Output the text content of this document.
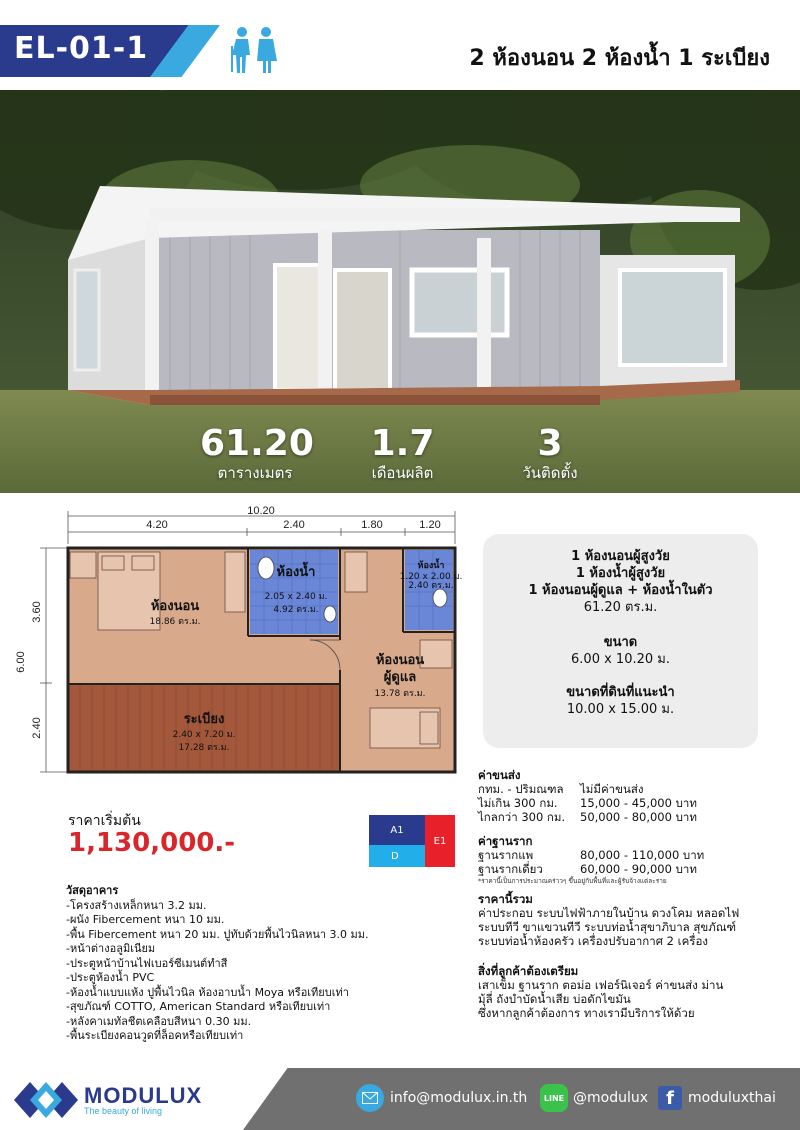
EL-01-1	2 ห้องนอน 2 ห้องน้ำ 1 ระเบียง
61.20
ตารางเมตร
1.7
เดือนผลิต
3
วันติดตั้ง
10.20
4.20	2.40	1.80	1.20
6.00
3.60
2.40
ห้องนอน
18.86 ตร.ม.
ห้องน้ำ
2.05 x 2.40 ม.
4.92 ตร.ม.
ห้องน้ำ
1.20 x 2.00 ม.
2.40 ตร.ม.
ห้องนอน
ผู้ดูแล
13.78 ตร.ม.
ระเบียง
2.40 x 7.20 ม.
17.28 ตร.ม.
1 ห้องนอนผู้สูงวัย
1 ห้องน้ำผู้สูงวัย
1 ห้องนอนผู้ดูแล + ห้องน้ำในตัว
61.20 ตร.ม.
ขนาด
6.00 x 10.20 ม.
ขนาดที่ดินที่แนะนำ
10.00 x 15.00 ม.
ราคาเริ่มต้น
1,130,000.-	A1
D
E1
วัสดุอาคาร
-โครงสร้างเหล็กหนา 3.2 มม.
-ผนัง Fibercement หนา 10 มม.
-พื้น Fibercement หนา 20 มม. ปูทับด้วยพื้นไวนิลหนา 3.0 มม.
-หน้าต่างอลูมิเนียม
-ประตูหน้าบ้านไฟเบอร์ซีเมนต์ทำสี
-ประตูห้องน้ำ PVC
-ห้องน้ำแบบแห้ง ปูพื้นไวนิล ห้องอาบน้ำ Moya หรือเทียบเท่า
-สุขภัณฑ์ COTTO, American Standard หรือเทียบเท่า
-หลังคาเมทัลชีตเคลือบสีหนา 0.30 มม.
-พื้นระเบียงคอนวูดที่ล็อคหรือเทียบเท่า
ค่าขนส่ง
กทม. - ปริมณฑล	ไม่มีค่าขนส่ง
ไม่เกิน 300 กม.	15,000 - 45,000 บาท
ไกลกว่า 300 กม.	50,000 - 80,000 บาท
ค่าฐานราก
ฐานรากแพ	80,000 - 110,000 บาท
ฐานรากเดี่ยว	60,000 - 90,000 บาท
*ราคานี้เป็นการประมาณคร่าวๆ ขึ้นอยู่กับพื้นที่และผู้รับจ้างแต่ละราย
ราคานี้รวม
ค่าประกอบ ระบบไฟฟ้าภายในบ้าน ดวงโคม หลอดไฟ
ระบบทีวี ขาแขวนทีวี ระบบท่อน้ำสุขาภิบาล สุขภัณฑ์
ระบบท่อน้ำห้องครัว เครื่องปรับอากาศ 2 เครื่อง
สิ่งที่ลูกค้าต้องเตรียม
เสาเข็ม ฐานราก ตอม่อ เฟอร์นิเจอร์ ค่าขนส่ง ม่าน
มุ้ลี่ ถังบำบัดน้ำเสีย บ่อดักไขมัน
ซึ่งหากลูกค้าต้องการ ทางเรามีบริการให้ด้วย
MODULUX
The beauty of living
info@modulux.in.th	LINE @modulux	f	moduluxthai
